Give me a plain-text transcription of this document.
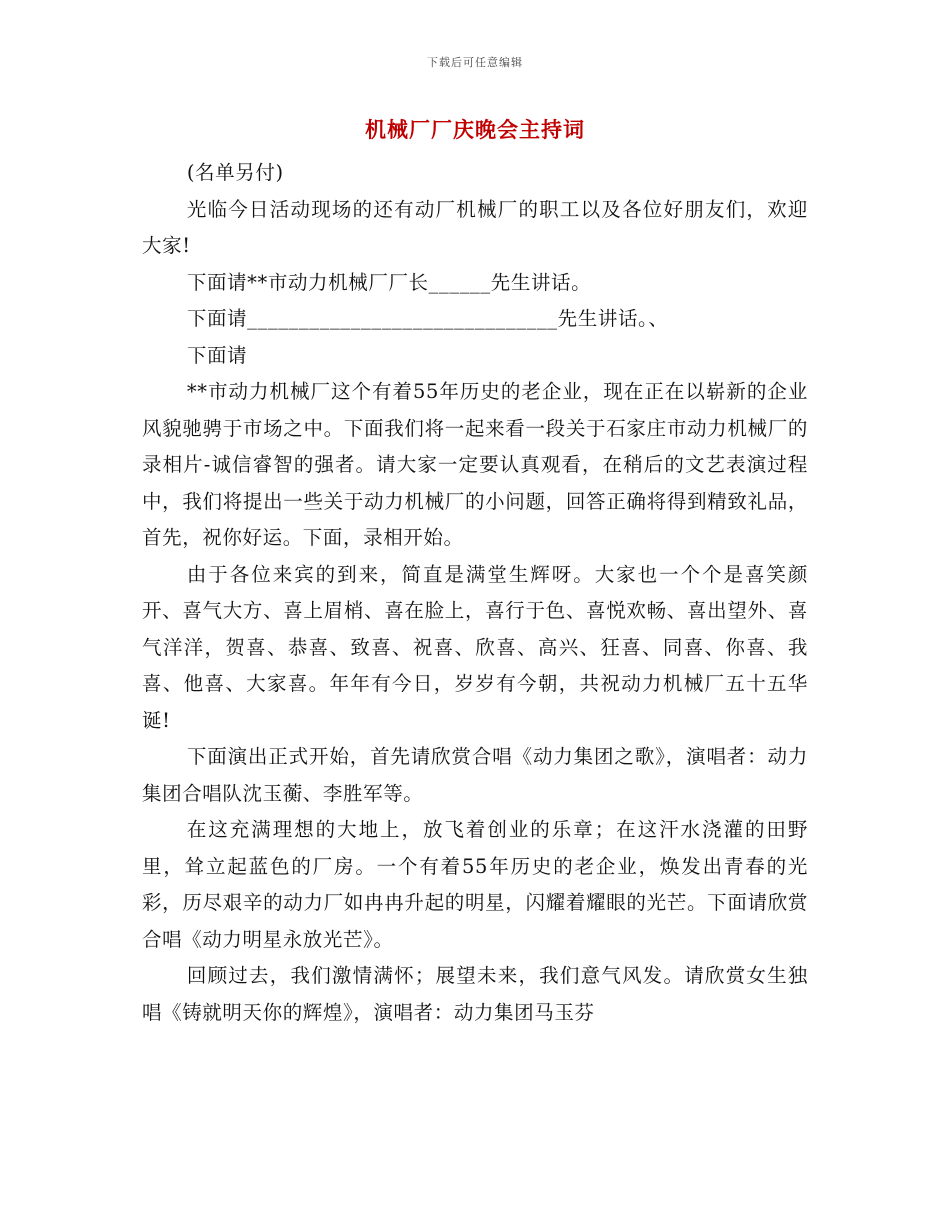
下载后可任意编辑
机械厂厂庆晚会主持词

(名单另付)

光临今日活动现场的还有动厂机械厂的职工以及各位好朋友们，欢迎大家!

下面请**市动力机械厂厂长______先生讲话。

下面请______________________________先生讲话。、

下面请

**市动力机械厂这个有着55年历史的老企业，现在正在以崭新的企业风貌驰骋于市场之中。下面我们将一起来看一段关于石家庄市动力机械厂的录相片-诚信睿智的强者。请大家一定要认真观看，在稍后的文艺表演过程中，我们将提出一些关于动力机械厂的小问题，回答正确将得到精致礼品，首先，祝你好运。下面，录相开始。

由于各位来宾的到来，简直是满堂生辉呀。大家也一个个是喜笑颜开、喜气大方、喜上眉梢、喜在脸上，喜行于色、喜悦欢畅、喜出望外、喜气洋洋，贺喜、恭喜、致喜、祝喜、欣喜、高兴、狂喜、同喜、你喜、我喜、他喜、大家喜。年年有今日，岁岁有今朝，共祝动力机械厂五十五华诞!

下面演出正式开始，首先请欣赏合唱《动力集团之歌》，演唱者：动力集团合唱队沈玉蘅、李胜军等。

在这充满理想的大地上，放飞着创业的乐章；在这汗水浇灌的田野里，耸立起蓝色的厂房。一个有着55年历史的老企业，焕发出青春的光彩，历尽艰辛的动力厂如冉冉升起的明星，闪耀着耀眼的光芒。下面请欣赏合唱《动力明星永放光芒》。

回顾过去，我们激情满怀；展望未来，我们意气风发。请欣赏女生独唱《铸就明天你的辉煌》，演唱者：动力集团马玉芬
